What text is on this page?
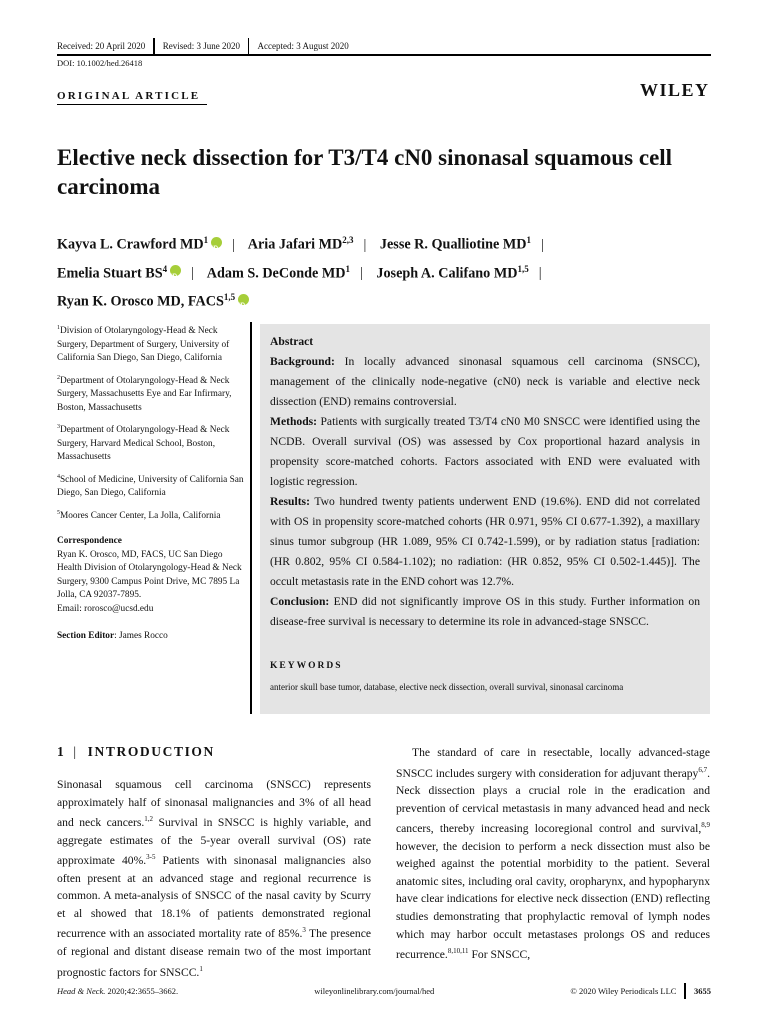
Received: 20 April 2020 Revised: 3 June 2020 Accepted: 3 August 2020
DOI: 10.1002/hed.26418
ORIGINAL ARTICLE	WILEY
Elective neck dissection for T3/T4 cN0 sinonasal squamous cell carcinoma
Kayva L. Crawford $MD^1iD$ | Aria Jafari MD$^{2,3}$ | Jesse R. Qualliotine $MD^1$ |
Emelia Stuart $BS^4iD$ | Adam S. DeConde $MD^1$ | Joseph A. Califano MD$^{1,5}$ |
Ryan K. Orosco MD, FACS$^{1,5}$iD

$^1$Division of Otolaryngology-Head & Neck Surgery, Department of Surgery, University of California San Diego, San Diego, California

$^2$Department of Otolaryngology-Head & Neck Surgery, Massachusetts Eye and Ear Infirmary, Boston, Massachusetts

$^3$Department of Otolaryngology-Head & Neck Surgery, Harvard Medical School, Boston, Massachusetts

$^4$School of Medicine, University of California San Diego, San Diego, California

$^5$Moores Cancer Center, La Jolla, California

Correspondence

Ryan K. Orosco, MD, FACS, UC San Diego Health Division of Otolaryngology-Head & Neck Surgery, 9300 Campus Point Drive, MC 7895 La Jolla, CA 92037-7895.

Email: rorosco@ucsd.edu

Section Editor: James Rocco

Abstract
Background: In locally advanced sinonasal squamous cell carcinoma (SNSCC), management of the clinically node-negative (cN0) neck is variable and elective neck dissection (END) remains controversial.
Methods: Patients with surgically treated T3/T4 cN0 M0 SNSCC were identified using the NCDB. Overall survival (OS) was assessed by Cox proportional hazard analysis in propensity score-matched cohorts. Factors associated with END were evaluated with logistic regression.
Results: Two hundred twenty patients underwent END (19.6%). END did not correlated with OS in propensity score-matched cohorts (HR 0.971, 95% CI 0.677-1.392), a maxillary sinus tumor subgroup (HR 1.089, 95% CI 0.742-1.599), or by radiation status [radiation: (HR 0.802, 95% CI 0.584-1.102); no radiation: (HR 0.852, 95% CI 0.502-1.445)]. The occult metastasis rate in the END cohort was 12.7%.
Conclusion: END did not significantly improve OS in this study. Further information on disease-free survival is necessary to determine its role in advanced-stage SNSCC.
KEYWORDS
anterior skull base tumor, database, elective neck dissection, overall survival, sinonasal carcinoma
1 | INTRODUCTION
Sinonasal squamous cell carcinoma (SNSCC) represents approximately half of sinonasal malignancies and 3% of all head and neck cancers.$^{1,2}$ Survival in SNSCC is highly variable, and aggregate estimates of the 5-year overall survival (OS) rate approximate 40%.$^{3-5}$ Patients with sinonasal malignancies also often present at an advanced stage and regional recurrence is common. A meta-analysis of SNSCC of the nasal cavity by Scurry et al showed that 18.1% of patients demonstrated regional recurrence with an associated mortality rate of 85%.$^3$ The presence of regional and distant disease remain two of the most important prognostic factors for SNSCC.$^1$
The standard of care in resectable, locally advanced-stage SNSCC includes surgery with consideration for adjuvant therapy$^{6,7}$. Neck dissection plays a crucial role in the eradication and prevention of cervical metastasis in many advanced head and neck cancers, thereby increasing locoregional control and survival,$^{8,9}$ however, the decision to perform a neck dissection must also be weighed against the potential morbidity to the patient. Several anatomic sites, including oral cavity, oropharynx, and hypopharynx have clear indications for elective neck dissection (END) reflecting studies demonstrating that prophylactic removal of lymph nodes which may harbor occult metastases prolongs OS and reduces recurrence.$^{8,10,11}$ For SNSCC,
Head & Neck. 2020;42:3655–3662.	wileyonlinelibrary.com/journal/hed	© 2020 Wiley Periodicals LLC 3655
